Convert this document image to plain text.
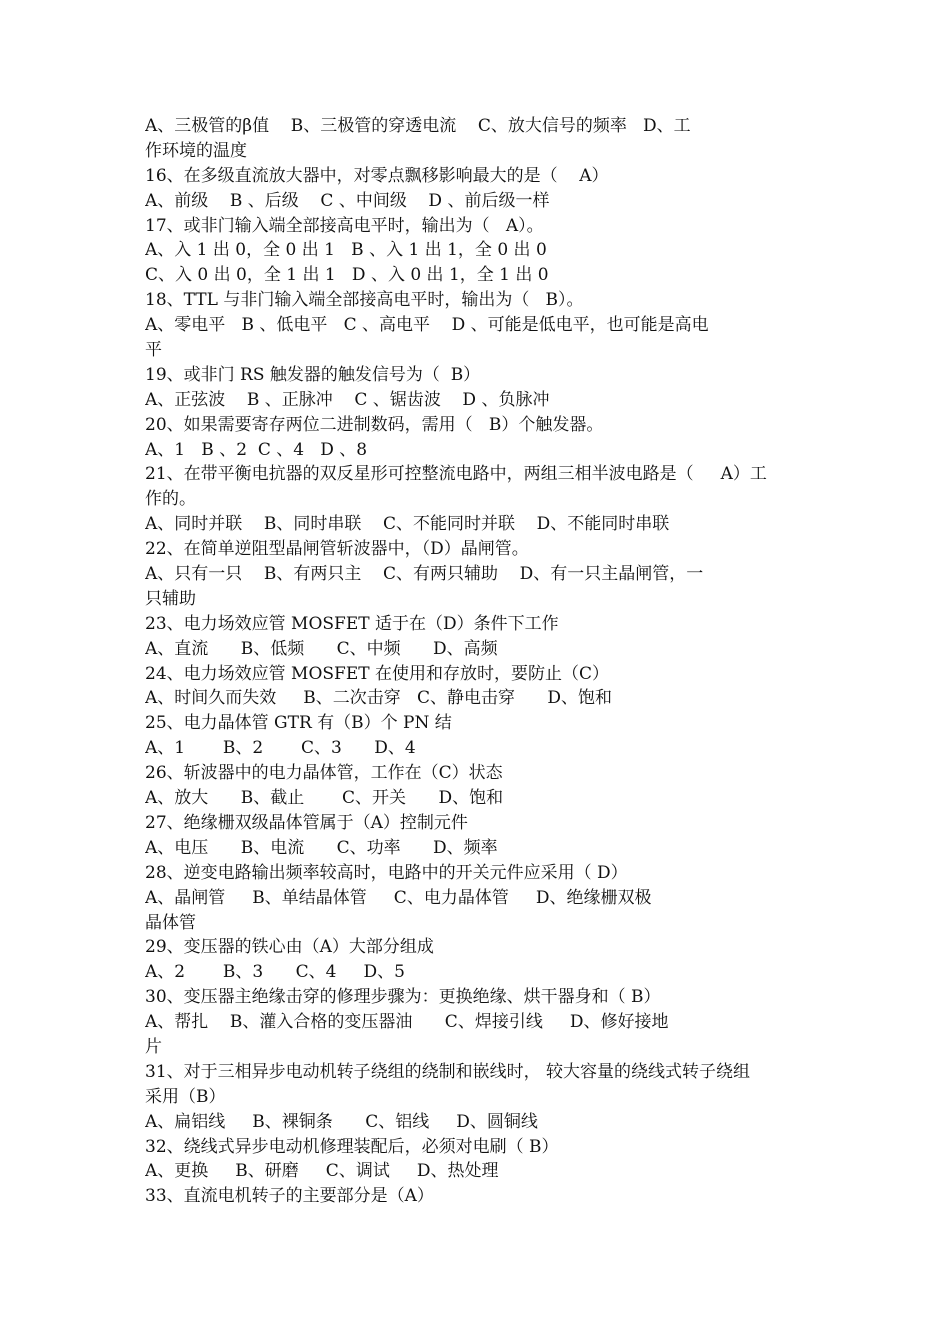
A、三极管的β值    B、三极管的穿透电流    C、放大信号的频率   D、工
作环境的温度
16、在多级直流放大器中，对零点飘移影响最大的是（    A）
A、前级    B 、后级    C 、中间级    D 、前后级一样
17、或非门输入端全部接高电平时，输出为（   A）。
A、入 1 出 0，全 0 出 1   B 、入 1 出 1，全 0 出 0
C、入 0 出 0，全 1 出 1   D 、入 0 出 1，全 1 出 0
18、TTL 与非门输入端全部接高电平时，输出为（   B）。
A、零电平   B 、低电平   C 、高电平    D 、可能是低电平，也可能是高电
平
19、或非门 RS 触发器的触发信号为（  B）
A、正弦波    B 、正脉冲    C 、锯齿波    D 、负脉冲
20、如果需要寄存两位二进制数码，需用（   B）个触发器。
A、1   B 、2  C 、4   D 、8
21、在带平衡电抗器的双反星形可控整流电路中，两组三相半波电路是（     A）工
作的。
A、同时并联    B、同时串联    C、不能同时并联    D、不能同时串联
22、在简单逆阻型晶闸管斩波器中，（D）晶闸管。
A、只有一只    B、有两只主    C、有两只辅助    D、有一只主晶闸管，一
只辅助
23、电力场效应管 MOSFET 适于在（D）条件下工作
A、直流      B、低频      C、中频      D、高频
24、电力场效应管 MOSFET 在使用和存放时，要防止（C）
A、时间久而失效     B、二次击穿   C、静电击穿      D、饱和
25、电力晶体管 GTR 有（B）个 PN 结
A、1       B、2       C、3      D、4
26、斩波器中的电力晶体管，工作在（C）状态
A、放大      B、截止       C、开关      D、饱和
27、绝缘栅双级晶体管属于（A）控制元件
A、电压      B、电流      C、功率      D、频率
28、逆变电路输出频率较高时，电路中的开关元件应采用（ D）
A、晶闸管     B、单结晶体管     C、电力晶体管     D、绝缘栅双极
晶体管
29、变压器的铁心由（A）大部分组成
A、2       B、3      C、4     D、5
30、变压器主绝缘击穿的修理步骤为：更换绝缘、烘干器身和（ B）
A、帮扎    B、灌入合格的变压器油      C、焊接引线     D、修好接地
片
31、对于三相异步电动机转子绕组的绕制和嵌线时， 较大容量的绕线式转子绕组
采用（B）
A、扁铝线     B、裸铜条      C、铝线     D、圆铜线
32、绕线式异步电动机修理装配后，必须对电刷（ B）
A、更换     B、研磨     C、调试     D、热处理
33、直流电机转子的主要部分是（A）
